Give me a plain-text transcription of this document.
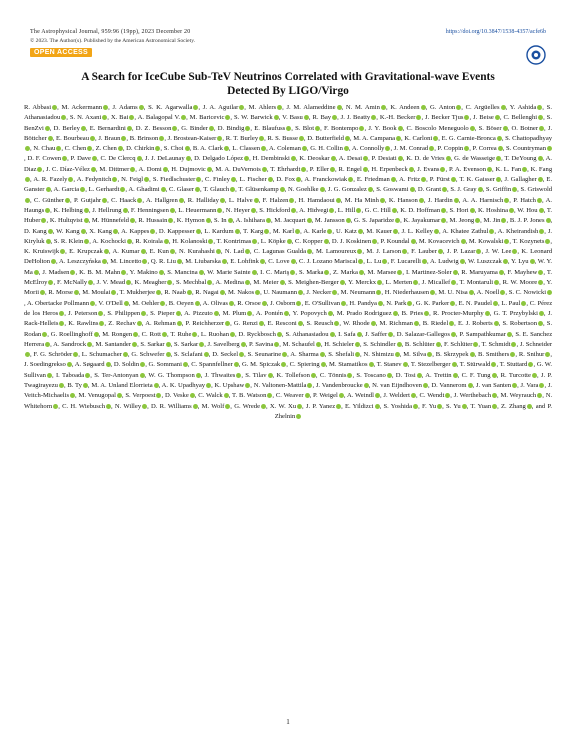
The Astrophysical Journal, 959:96 (19pp), 2023 December 20	https://doi.org/10.3847/1538-4357/acfe6b
© 2023. The Author(s). Published by the American Astronomical Society.
OPEN ACCESS
A Search for IceCube Sub-TeV Neutrinos Correlated with Gravitational-wave Events
Detected By LIGO/Virgo
R. Abbasi , M. Ackermann , J. Adams , S. K. Agarwalla , J. A. Aguilar , M. Ahlers , J. M. Alameddine , N. M. Amin , K. Andeen , G. Anton , C. Argüelles , Y. Ashida , S. Athanasiadou , S. N. Axani , X. Bai , A. Balagopal V. , M. Baricevic , S. W. Barwick , V. Basu , R. Bay , J. J. Beatty , K.-H. Becker , J. Becker Tjus , J. Beise , C. Bellenghi , S. BenZvi , D. Berley , E. Bernardini , D. Z. Besson , G. Binder , D. Bindig , E. Blaufuss , S. Blot , F. Bontempo , J. Y. Book , C. Boscolo Meneguolo , S. Böser , O. Botner , J. Böttcher , E. Bourbeau , J. Braun , B. Brinson , J. Brostean-Kaiser , R. T. Burley , R. S. Busse , D. Butterfield , M. A. Campana , K. Carloni , E. G. Carnie-Bronca , S. Chattopadhyay, N. Chau , C. Chen , Z. Chen , D. Chirkin , S. Choi , B. A. Clark , L. Classen , A. Coleman , G. H. Collin , A. Connolly , J. M. Conrad , P. Coppin , P. Correa , S. Countryman, D. F. Cowen , P. Dave , C. De Clercq , J. J. DeLaunay , D. Delgado López , H. Dembinski , K. Deoskar , A. Desai , P. Desiati , K. D. de Vries , G. de Wasseige , T. DeYoung , A. Diaz , J. C. Díaz-Vélez , M. Dittmer , A. Domi , H. Dujmovic , M. A. DuVernois , T. Ehrhardt , P. Eller , R. Engel , H. Erpenbeck , J. Evans , P. A. Evenson , K. L. Fan , K. Fang, A. R. Fazely , A. Fedynitch , N. Feigl , S. Fiedlschuster , C. Finley , L. Fischer , D. Fox , A. Franckowiak , E. Friedman , A. Fritz , P. Fürst , T. K. Gaisser , J. Gallagher , E. Ganster , A. Garcia , L. Gerhardt , A. Ghadimi , C. Glaser , T. Glauch , T. Glüsenkamp , N. Goehlke , J. G. Gonzalez , S. Goswami , D. Grant , S. J. Gray , S. Griffin , S. Griswold, C. Günther , P. Gutjahr , C. Haack , A. Hallgren , R. Halliday , L. Halve , F. Halzen , H. Hamdaoui , M. Ha Minh , K. Hanson , J. Hardin , A. A. Harnisch , P. Hatch , A. Haungs , K. Helbing , J. Hellrung , F. Henningsen , L. Heuermann , N. Heyer , S. Hickford , A. Hidvegi , L. Hill , G. C. Hill , K. D. Hoffman , S. Hori , K. Hoshina , W. Hou , T. Huber , K. Hultqvist , M. Hünnefeld , R. Hussain , K. Hymon , S. In , A. Ishihara , M. Jacquart , M. Jansson , G. S. Japaridze , K. Jayakumar , M. Jeong , M. Jin , B. J. P. Jones , D. Kang , W. Kang , X. Kang , A. Kappes , D. Kappesser , L. Kardum , T. Karg , M. Karl , A. Karle , U. Katz , M. Kauer , J. L. Kelley , A. Khatee Zathul , A. Kheirandish , J. Kiryluk , S. R. Klein , A. Kochocki , R. Koirala , H. Kolanoski , T. Kontrimas , L. Köpke , C. Kopper , D. J. Koskinen , P. Koundal , M. Kovacevich , M. Kowalski , T. Kozynets , K. Kruiswijk , E. Krupczak , A. Kumar , E. Kun , N. Kurahashi , N. Lad , C. Lagunas Gualda , M. Lamoureux , M. J. Larson , F. Lauber , J. P. Lazar , J. W. Lee , K. Leonard DeHolton , A. Leszczyńska , M. Lincetto , Q. R. Liu , M. Liubarska , E. Lohfink , C. Love , C. J. Lozano Mariscal , L. Lu , F. Lucarelli , A. Ludwig , W. Luszczak , Y. Lyu , W. Y. Ma , J. Madsen , K. B. M. Mahn , Y. Makino , S. Mancina , W. Marie Sainte , I. C. Mariş , S. Marka , Z. Marka , M. Marsee , I. Martinez-Soler , R. Maruyama , F. Mayhew , T. McElroy , F. McNally , J. V. Mead , K. Meagher , S. Mechbal , A. Medina , M. Meier , S. Meighen-Berger , Y. Merckx , L. Merten , J. Micallef , T. Montaruli , R. W. Moore , Y. Morii , R. Morse , M. Moulai , T. Mukherjee , R. Naab , R. Nagai , M. Nakos , U. Naumann , J. Necker , M. Neumann , H. Niederhausen , M. U. Nisa , A. Noell , S. C. Nowicki, A. Obertacke Pollmann , V. O'Dell , M. Oehler , B. Oeyen , A. Olivas , R. Orsoe , J. Osborn , E. O'Sullivan , H. Pandya , N. Park , G. K. Parker , E. N. Paudel , L. Paul , C. Pérez de los Heros , J. Peterson , S. Philippen , S. Pieper , A. Pizzuto , M. Plum , A. Pontén , Y. Popovych , M. Prado Rodriguez , B. Pries , R. Procter-Murphy , G. T. Przybylski , J. Rack-Helleis , K. Rawlins , Z. Rechav , A. Rehman , P. Reichherzer , G. Renzi , E. Resconi , S. Reusch , W. Rhode , M. Richman , B. Riedel , E. J. Roberts , S. Robertson , S. Rodan , G. Roellinghoff , M. Rongen , C. Rott , T. Ruhe , L. Ruohan , D. Ryckbosch , S. Athanasiadou , I. Safa , J. Saffer , D. Salazar-Gallegos , P. Sampathkumar , S. E. Sanchez Herrera , A. Sandrock , M. Santander , S. Sarkar , S. Sarkar , J. Savelberg , P. Savina , M. Schaufel , H. Schieler , S. Schindler , B. Schlüter , F. Schlüter , T. Schmidt , J. Schneider, F. G. Schröder , L. Schumacher , G. Schwefer , S. Sclafani , D. Seckel , S. Seunarine , A. Sharma , S. Shefali , N. Shimizu , M. Silva , B. Skrzypek , B. Smithers , R. Snihur , J. Soedingrekso , A. Søgaard , D. Soldin , G. Sommani , C. Spannfellner , G. M. Spiczak , C. Spiering , M. Stamatikos , T. Stanev , T. Stezelberger , T. Stürwald , T. Stuttard , G. W. Sullivan , I. Taboada , S. Ter-Antonyan , W. G. Thompson , J. Thwaites , S. Tilav , K. Tollefson , C. Tönnis , S. Toscano , D. Tosi , A. Trettin , C. F. Tung , R. Turcotte , J. P. Twagirayezu , B. Ty , M. A. Unland Elorrieta , A. K. Upadhyay , K. Upshaw , N. Valtonen-Mattila , J. Vandenbroucke , N. van Eijndhoven , D. Vannerom , J. van Santen , J. Vara , J. Veitch-Michaelis , M. Venugopal , S. Verpoest , D. Veske , C. Walck , T. B. Watson , C. Weaver , P. Weigel , A. Weindl , J. Weldert , C. Wendt , J. Werthebach , M. Weyrauch , N. Whitehorn , C. H. Wiebusch , N. Willey , D. R. Williams , M. Wolf , G. Wrede , X. W. Xu , J. P. Yanez , E. Yildizci , S. Yoshida , F. Yu , S. Yu , T. Yuan , Z. Zhang , and P. Zhelnin
1
